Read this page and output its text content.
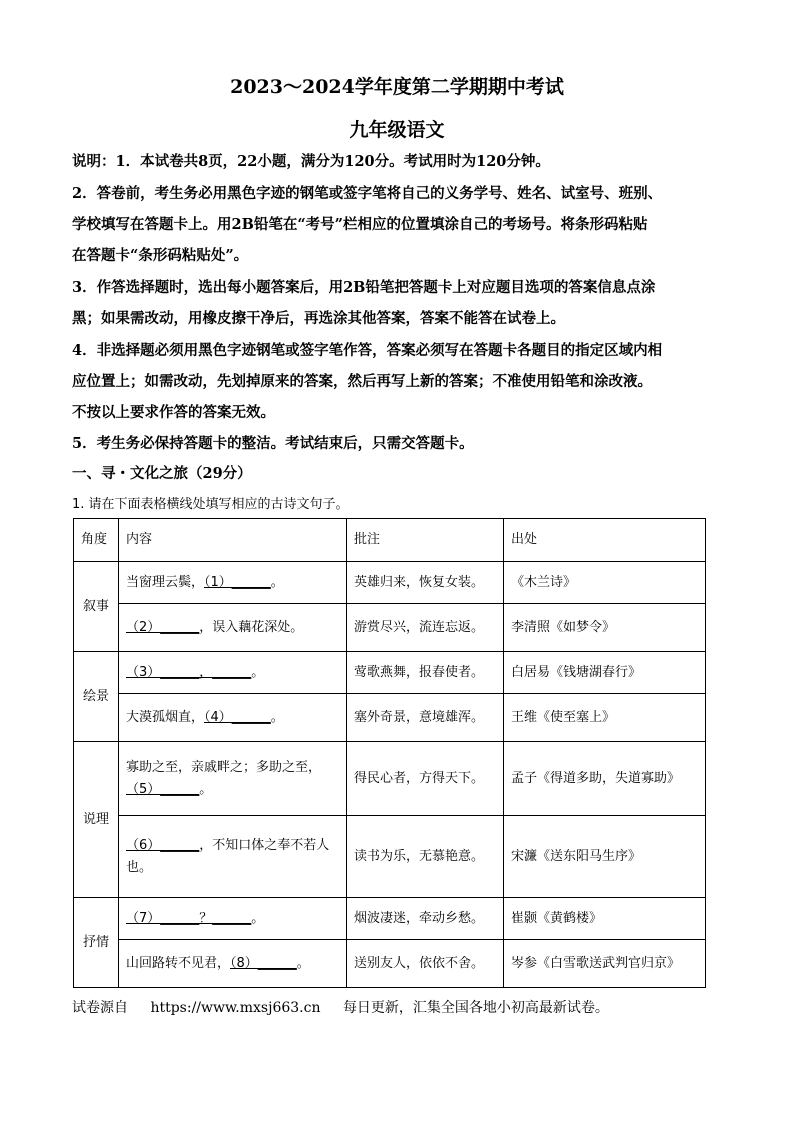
2023～2024学年度第二学期期中考试
九年级语文
说明：1．本试卷共8页，22小题，满分为120分。考试用时为120分钟。
2．答卷前，考生务必用黑色字迹的钢笔或签字笔将自己的义务学号、姓名、试室号、班别、
学校填写在答题卡上。用2B铅笔在“考号”栏相应的位置填涂自己的考场号。将条形码粘贴
在答题卡“条形码粘贴处”。
3．作答选择题时，选出每小题答案后，用2B铅笔把答题卡上对应题目选项的答案信息点涂
黑；如果需改动，用橡皮擦干净后，再选涂其他答案，答案不能答在试卷上。
4．非选择题必须用黑色字迹钢笔或签字笔作答，答案必须写在答题卡各题目的指定区域内相
应位置上；如需改动，先划掉原来的答案，然后再写上新的答案；不准使用铅笔和涂改液。
不按以上要求作答的答案无效。
5．考生务必保持答题卡的整洁。考试结束后，只需交答题卡。
一、寻・文化之旅（29分）
1. 请在下面表格横线处填写相应的古诗文句子。
角度	内容	批注	出处
叙事	当窗理云鬓，（1）______。	英雄归来，恢复女装。	《木兰诗》
	（2）______，误入藕花深处。	游赏尽兴，流连忘返。	李清照《如梦令》
绘景	（3）______，______。	莺歌燕舞，报春使者。	白居易《钱塘湖春行》
	大漠孤烟直，（4）______。	塞外奇景，意境雄浑。	王维《使至塞上》
说理	寡助之至，亲戚畔之；多助之至，（5）______。	得民心者，方得天下。	孟子《得道多助，失道寡助》
	（6）______，不知口体之奉不若人也。	读书为乐，无慕艳意。	宋濂《送东阳马生序》
抒情	（7）______？______。	烟波凄迷，牵动乡愁。	崔颢《黄鹤楼》
	山回路转不见君，（8）______。	送别友人，依依不舍。	岑参《白雪歌送武判官归京》
试卷源自 https://www.mxsj663.cn 每日更新，汇集全国各地小初高最新试卷。
